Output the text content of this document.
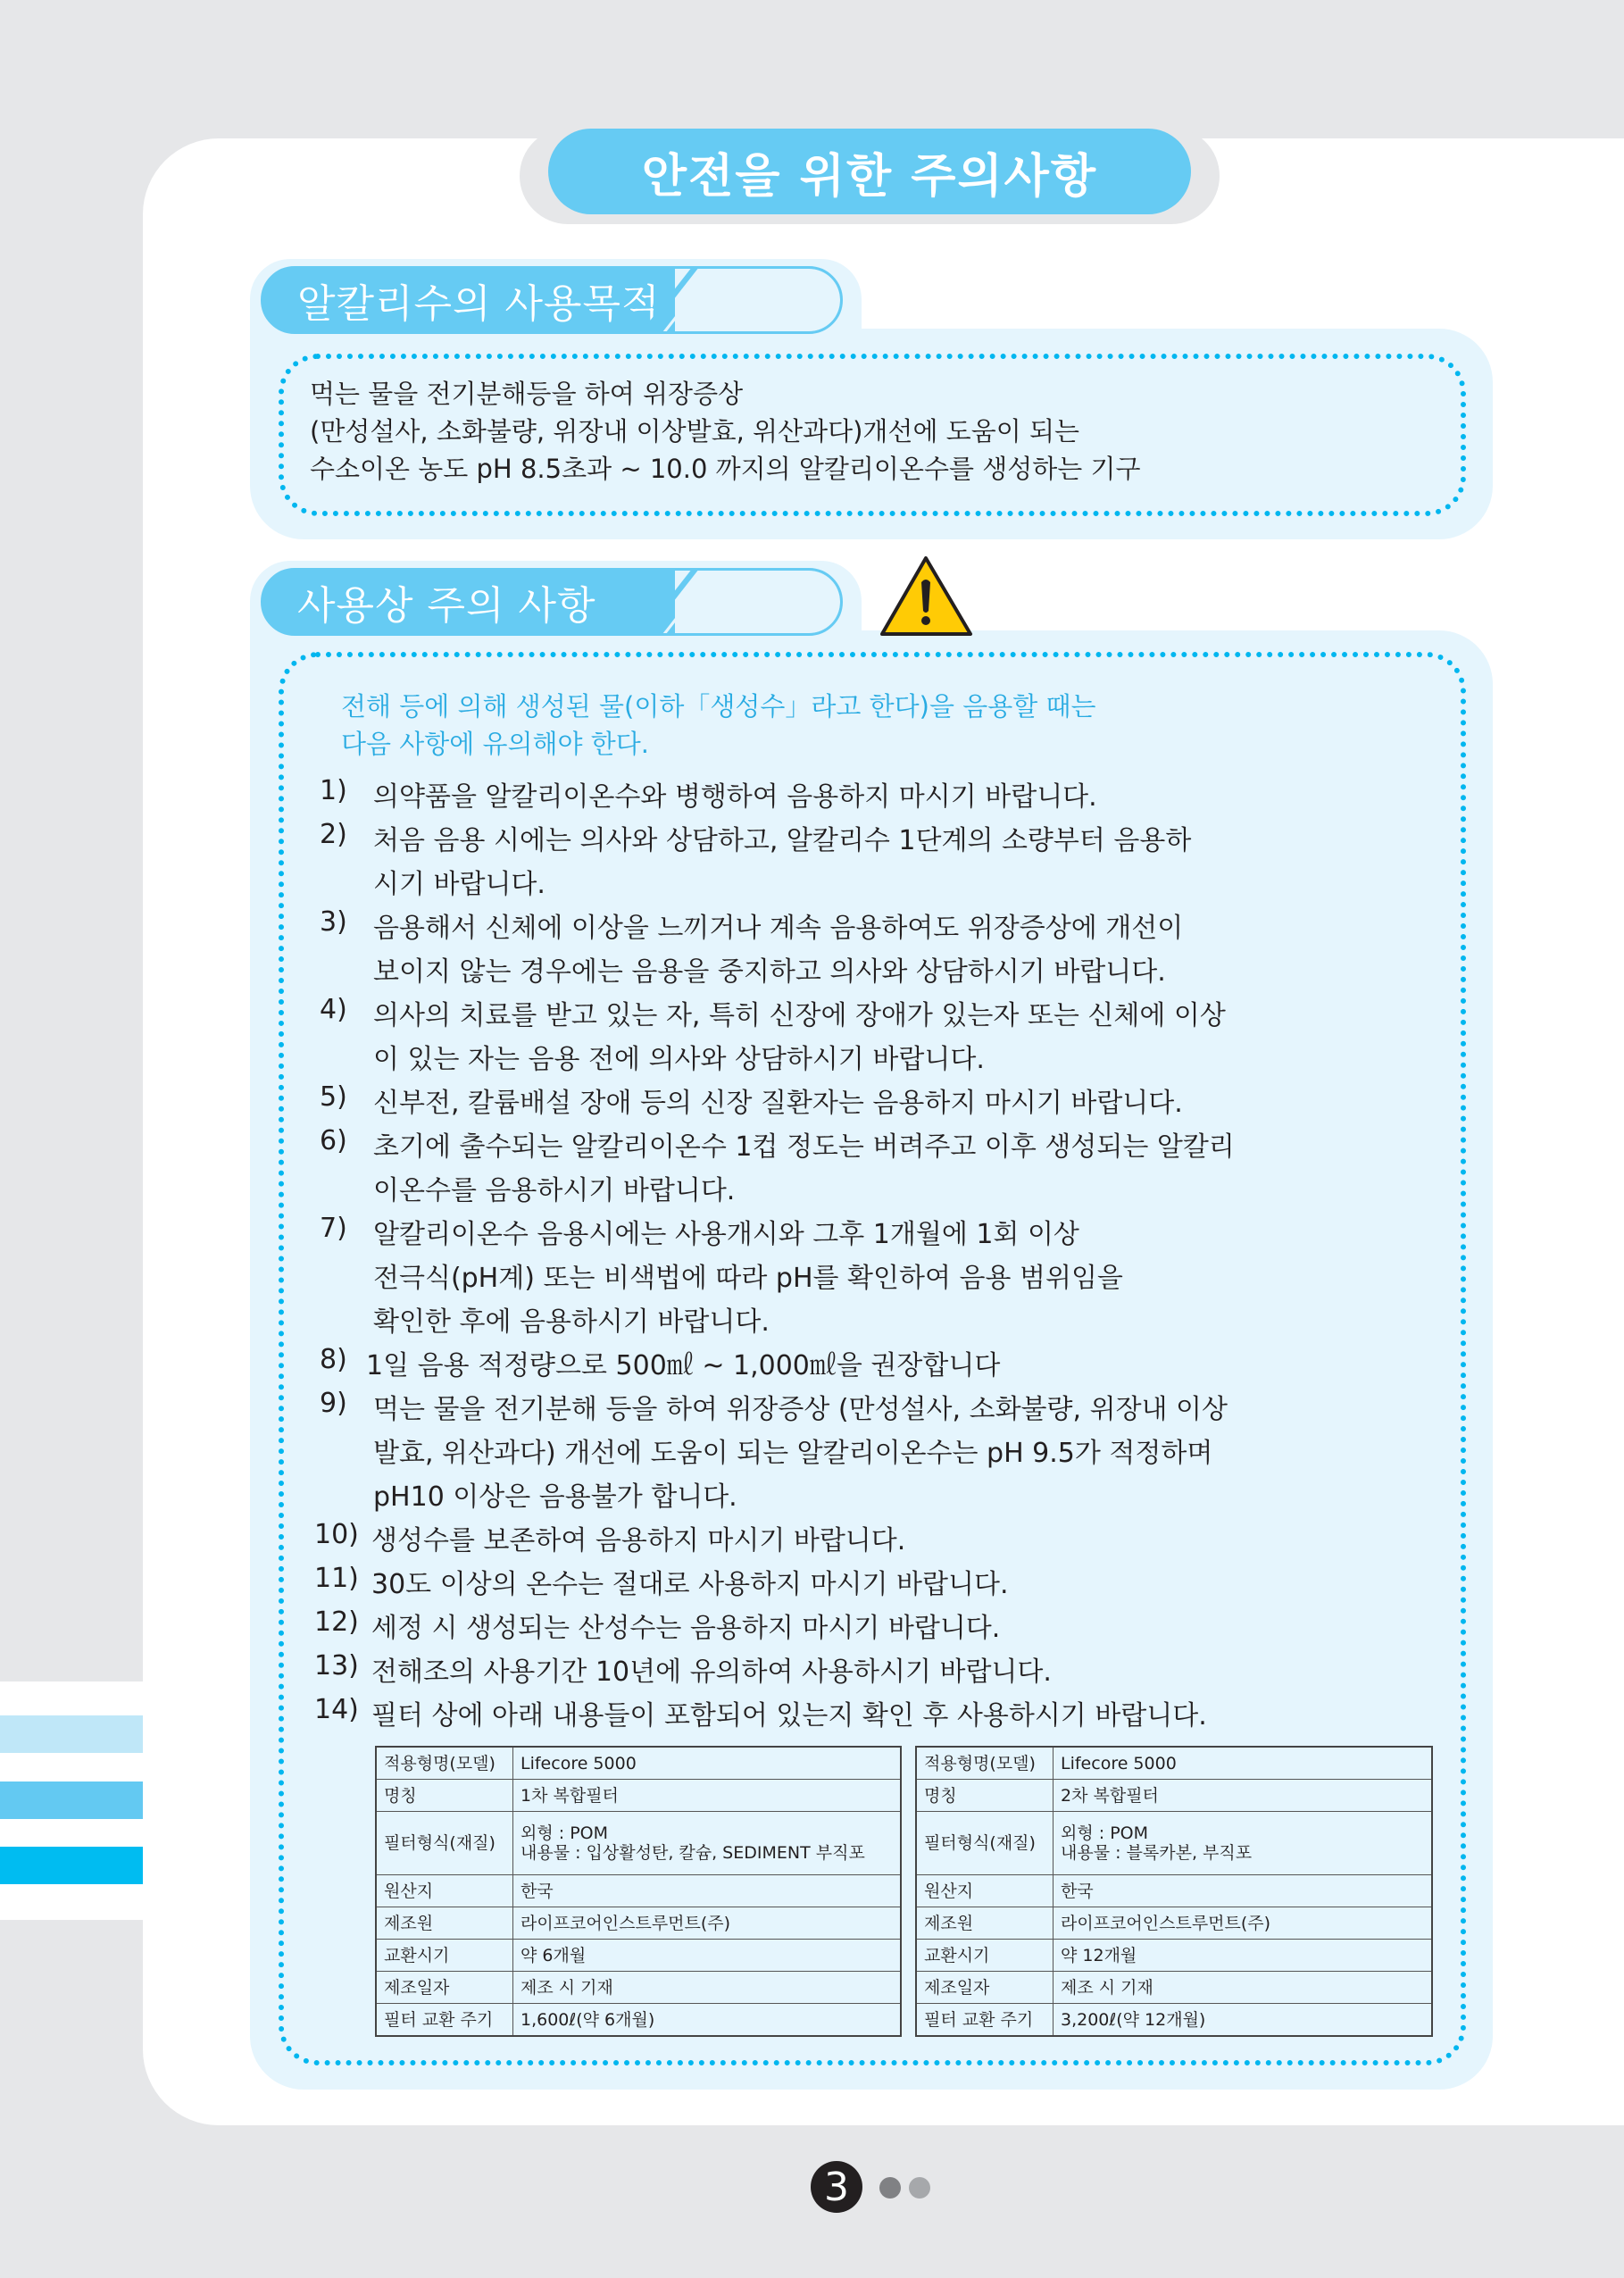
안전을 위한 주의사항
알칼리수의 사용목적
먹는 물을 전기분해등을 하여 위장증상
(만성설사, 소화불량, 위장내 이상발효, 위산과다)개선에 도움이 되는
수소이온 농도 pH 8.5초과 ~ 10.0 까지의 알칼리이온수를 생성하는 기구
사용상 주의 사항
전해 등에 의해 생성된 물(이하「생성수」라고 한다)을 음용할 때는
다음 사항에 유의해야 한다.
1) 의약품을 알칼리이온수와 병행하여 음용하지 마시기 바랍니다.
2) 처음 음용 시에는 의사와 상담하고, 알칼리수 1단계의 소량부터 음용하
시기 바랍니다.
3) 음용해서 신체에 이상을 느끼거나 계속 음용하여도 위장증상에 개선이
보이지 않는 경우에는 음용을 중지하고 의사와 상담하시기 바랍니다.
4) 의사의 치료를 받고 있는 자, 특히 신장에 장애가 있는자 또는 신체에 이상
이 있는 자는 음용 전에 의사와 상담하시기 바랍니다.
5) 신부전, 칼륨배설 장애 등의 신장 질환자는 음용하지 마시기 바랍니다.
6) 초기에 출수되는 알칼리이온수 1컵 정도는 버려주고 이후 생성되는 알칼리
이온수를 음용하시기 바랍니다.
7) 알칼리이온수 음용시에는 사용개시와 그후 1개월에 1회 이상
전극식(pH계) 또는 비색법에 따라 pH를 확인하여 음용 범위임을
확인한 후에 음용하시기 바랍니다.
8) 1일 음용 적정량으로 500㎖ ~ 1,000㎖을 권장합니다
9) 먹는 물을 전기분해 등을 하여 위장증상 (만성설사, 소화불량, 위장내 이상
발효, 위산과다) 개선에 도움이 되는 알칼리이온수는 pH 9.5가 적정하며
pH10 이상은 음용불가 합니다.
10) 생성수를 보존하여 음용하지 마시기 바랍니다.
11) 30도 이상의 온수는 절대로 사용하지 마시기 바랍니다.
12) 세정 시 생성되는 산성수는 음용하지 마시기 바랍니다.
13) 전해조의 사용기간 10년에 유의하여 사용하시기 바랍니다.
14) 필터 상에 아래 내용들이 포함되어 있는지 확인 후 사용하시기 바랍니다.
적용형명(모델)	Lifecore 5000
명칭	1차 복합필터
필터형식(재질)	외형 : POM
내용물 : 입상활성탄, 칼슘, SEDIMENT 부직포

원산지	한국
제조원	라이프코어인스트루먼트(주)
교환시기	약 6개월
제조일자	제조 시 기재
필터 교환 주기	1,600ℓ(약 6개월)
적용형명(모델)	Lifecore 5000
명칭	2차 복합필터
필터형식(재질)	외형 : POM
내용물 : 블록카본, 부직포

원산지	한국
제조원	라이프코어인스트루먼트(주)
교환시기	약 12개월
제조일자	제조 시 기재
필터 교환 주기	3,200ℓ(약 12개월)
3
